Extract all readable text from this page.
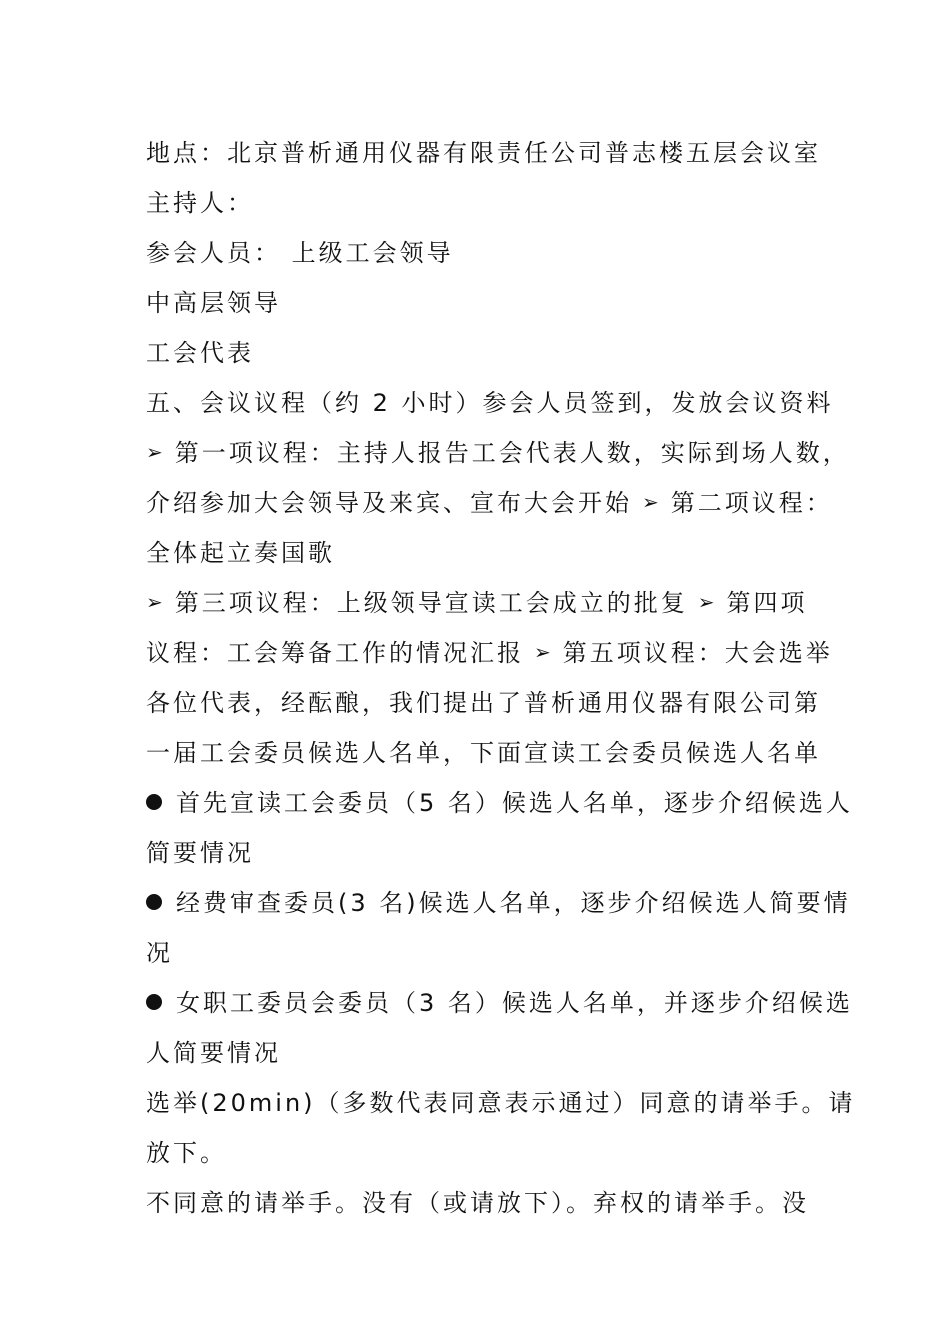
地点：北京普析通用仪器有限责任公司普志楼五层会议室
主持人：
参会人员： 上级工会领导
中高层领导
工会代表
五、会议议程（约 2 小时）参会人员签到，发放会议资料
➢ 第一项议程：主持人报告工会代表人数，实际到场人数，
介绍参加大会领导及来宾、宣布大会开始 ➢ 第二项议程：
全体起立奏国歌
➢ 第三项议程：上级领导宣读工会成立的批复 ➢ 第四项
议程：工会筹备工作的情况汇报 ➢ 第五项议程：大会选举
各位代表，经酝酿，我们提出了普析通用仪器有限公司第
一届工会委员候选人名单，下面宣读工会委员候选人名单
首先宣读工会委员（5 名）候选人名单，逐步介绍候选人
简要情况
经费审查委员(3 名)候选人名单，逐步介绍候选人简要情
况
女职工委员会委员（3 名）候选人名单，并逐步介绍候选
人简要情况
选举(20min)（多数代表同意表示通过）同意的请举手。请
放下。
不同意的请举手。没有（或请放下）。弃权的请举手。没
